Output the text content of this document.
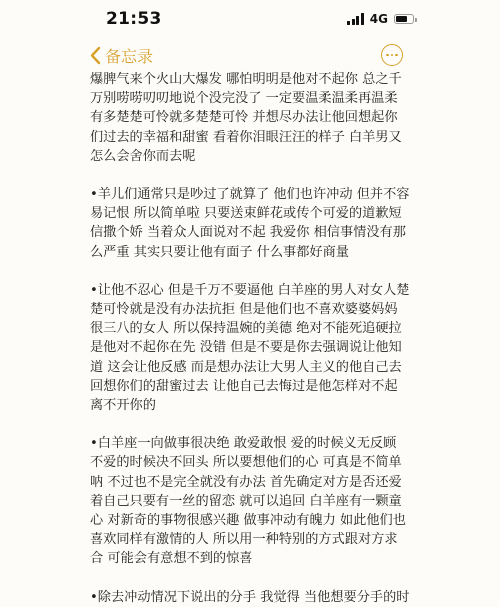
21:53	4G
备忘录

爆脾气来个火山大爆发 哪怕明明是他对不起你 总之千万别唠唠叨叨地说个没完没了 一定要温柔温柔再温柔 有多楚楚可怜就多楚楚可怜 并想尽办法让他回想起你们过去的幸福和甜蜜 看着你泪眼汪汪的样子 白羊男又怎么会舍你而去呢

•羊儿们通常只是吵过了就算了 他们也许冲动 但并不容易记恨 所以简单啦 只要送束鲜花或传个可爱的道歉短信撒个娇 当着众人面说对不起 我爱你 相信事情没有那么严重 其实只要让他有面子 什么事都好商量

•让他不忍心 但是千万不要逼他 白羊座的男人对女人楚楚可怜就是没有办法抗拒 但是他们也不喜欢婆婆妈妈很三八的女人 所以保持温婉的美德 绝对不能死追硬拉 是他对不起你在先 没错 但是不要是你去强调说让他知道 这会让他反感 而是想办法让大男人主义的他自己去回想你们的甜蜜过去 让他自己去悔过是他怎样对不起离不开你的

•白羊座一向做事很决绝 敢爱敢恨 爱的时候义无反顾 不爱的时候决不回头 所以要想他们的心 可真是不简单呐 不过也不是完全就没有办法 首先确定对方是否还爱着自己只要有一丝的留恋 就可以追回 白羊座有一颗童心 对新奇的事物很感兴趣 做事冲动有魄力 如此他们也喜欢同样有激情的人 所以用一种特别的方式跟对方求合 可能会有意想不到的惊喜

•除去冲动情况下说出的分手 我觉得 当他想要分手的时
